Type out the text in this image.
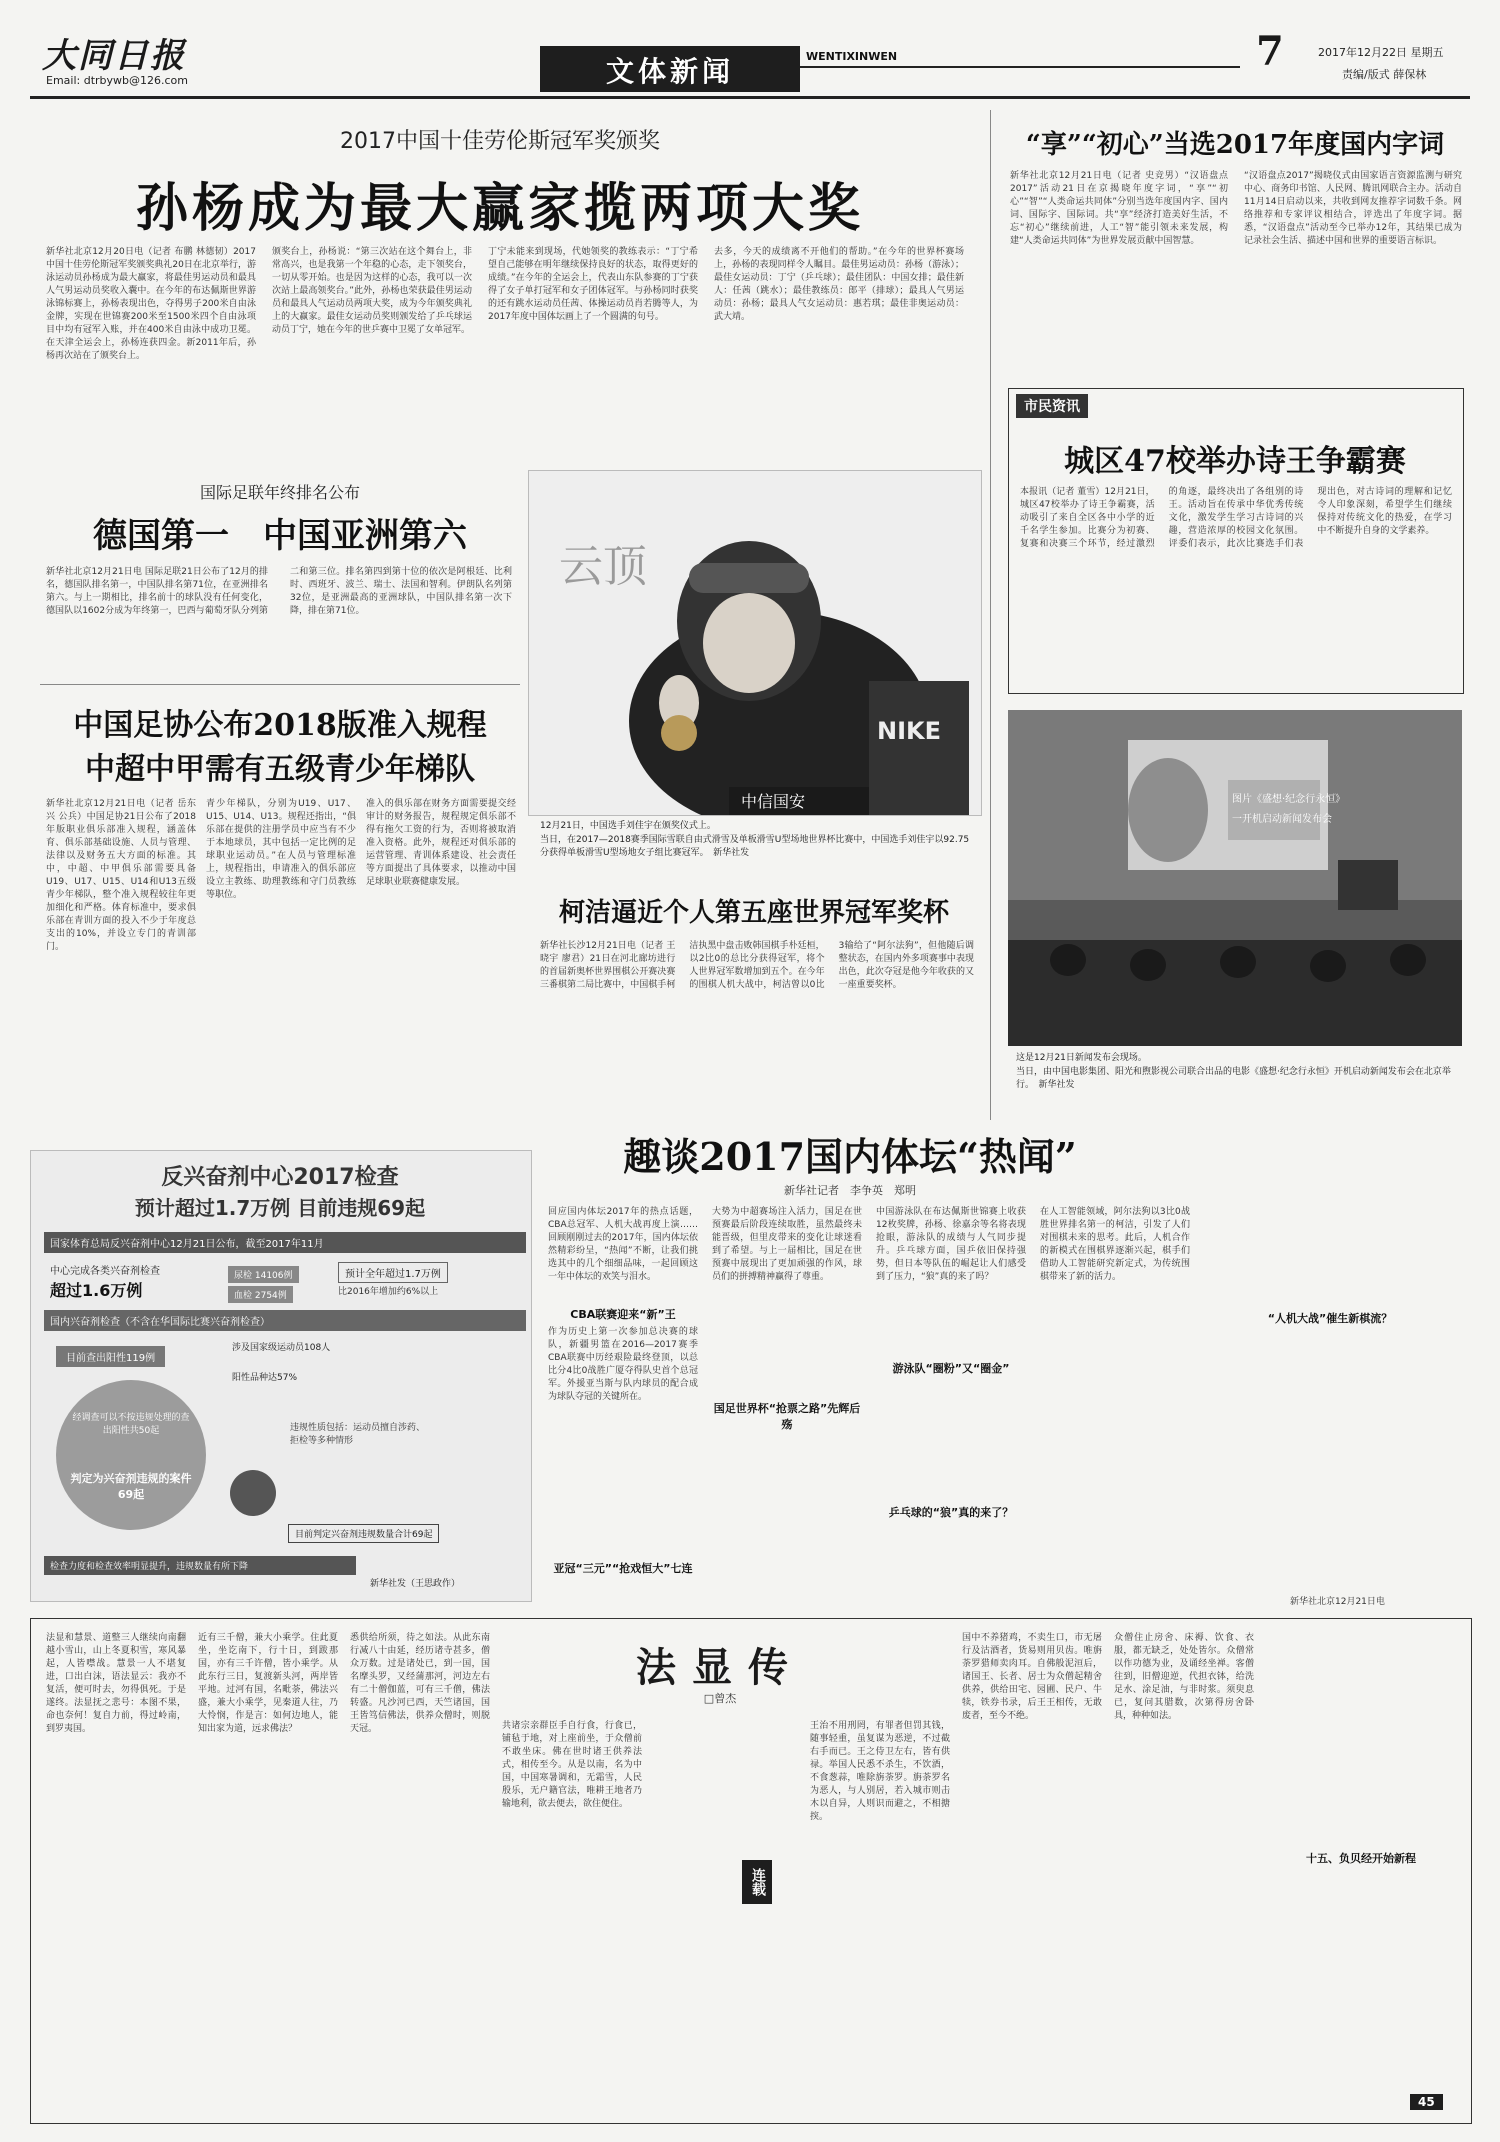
大同日报
Email: dtrbywb@126.com	文体新闻	WENTIXINWEN	7	2017年12月22日 星期五
责编/版式 薛保林
2017中国十佳劳伦斯冠军奖颁奖
孙杨成为最大赢家揽两项大奖
新华社北京12月20日电（记者 布鹏 林德韧）2017中国十佳劳伦斯冠军奖颁奖典礼20日在北京举行，游泳运动员孙杨成为最大赢家，将最佳男运动员和最具人气男运动员奖收入囊中。在今年的布达佩斯世界游泳锦标赛上，孙杨表现出色，夺得男子200米自由泳金牌，实现在世锦赛200米至1500米四个自由泳项目中均有冠军入账，并在400米自由泳中成功卫冕。在天津全运会上，孙杨连获四金。新2011年后，孙杨再次站在了颁奖台上。
颁奖台上，孙杨说：“第三次站在这个舞台上，非常高兴，也是我第一个年稳的心态，走下领奖台，一切从零开始。也是因为这样的心态，我可以一次次站上最高领奖台。”此外，孙杨也荣获最佳男运动员和最具人气运动员两项大奖，成为今年颁奖典礼上的大赢家。最佳女运动员奖则颁发给了乒乓球运动员丁宁，她在今年的世乒赛中卫冕了女单冠军。
丁宁未能来到现场，代她领奖的教练表示：“丁宁希望自己能够在明年继续保持良好的状态，取得更好的成绩。”在今年的全运会上，代表山东队参赛的丁宁获得了女子单打冠军和女子团体冠军。与孙杨同时获奖的还有跳水运动员任茜、体操运动员肖若腾等人，为2017年度中国体坛画上了一个圆满的句号。
去多，今天的成绩离不开他们的帮助。”在今年的世界杯赛场上，孙杨的表现同样令人瞩目。最佳男运动员：孙杨（游泳）；最佳女运动员：丁宁（乒乓球）；最佳团队：中国女排；最佳新人：任茜（跳水）；最佳教练员：郎平（排球）；最具人气男运动员：孙杨；最具人气女运动员：惠若琪；最佳非奥运动员：武大靖。
国际足联年终排名公布
德国第一　中国亚洲第六
新华社北京12月21日电 国际足联21日公布了12月的排名，德国队排名第一，中国队排名第71位，在亚洲排名第六。与上一期相比，排名前十的球队没有任何变化，德国队以1602分成为年终第一，巴西与葡萄牙队分列第二和第三位。排名第四到第十位的依次是阿根廷、比利时、西班牙、波兰、瑞士、法国和智利。伊朗队名列第32位，是亚洲最高的亚洲球队，中国队排名第一次下降，排在第71位。
中国足协公布2018版准入规程
中超中甲需有五级青少年梯队
新华社北京12月21日电（记者 岳东兴 公兵）中国足协21日公布了2018年版职业俱乐部准入规程，涵盖体育、俱乐部基础设施、人员与管理、法律以及财务五大方面的标准。其中，中超、中甲俱乐部需要具备U19、U17、U15、U14和U13五级青少年梯队，整个准入规程较往年更加细化和严格。体育标准中，要求俱乐部在青训方面的投入不少于年度总支出的10%，并设立专门的青训部门。
青少年梯队，分别为U19、U17、U15、U14、U13。规程还指出，“俱乐部在提供的注册学员中应当有不少于本地球员，其中包括一定比例的足球职业运动员。”在人员与管理标准上，规程指出，申请准入的俱乐部应设立主教练、助理教练和守门员教练等职位。
准入的俱乐部在财务方面需要提交经审计的财务报告，规程规定俱乐部不得有拖欠工资的行为，否则将被取消准入资格。此外，规程还对俱乐部的运营管理、青训体系建设、社会责任等方面提出了具体要求，以推动中国足球职业联赛健康发展。
云顶
NIKE
中信国安
12月21日，中国选手刘佳宇在颁奖仪式上。
当日，在2017—2018赛季国际雪联自由式滑雪及单板滑雪U型场地世界杯比赛中，中国选手刘佳宇以92.75分获得单板滑雪U型场地女子组比赛冠军。　新华社发
柯洁逼近个人第五座世界冠军奖杯
新华社长沙12月21日电（记者 王晓宇 廖君）21日在河北廊坊进行的首届新奥杯世界围棋公开赛决赛三番棋第二局比赛中，中国棋手柯洁执黑中盘击败韩国棋手朴廷桓，以2比0的总比分获得冠军，将个人世界冠军数增加到五个。在今年的围棋人机大战中，柯洁曾以0比3输给了“阿尔法狗”，但他随后调整状态，在国内外多项赛事中表现出色，此次夺冠是他今年收获的又一座重要奖杯。
“享”“初心”当选2017年度国内字词
新华社北京12月21日电（记者 史竞男）“汉语盘点2017”活动21日在京揭晓年度字词，“享”“初心”“智”“人类命运共同体”分别当选年度国内字、国内词、国际字、国际词。共“享”经济打造美好生活，不忘“初心”继续前进，人工“智”能引领未来发展，构建“人类命运共同体”为世界发展贡献中国智慧。
“汉语盘点2017”揭晓仪式由国家语言资源监测与研究中心、商务印书馆、人民网、腾讯网联合主办。活动自11月14日启动以来，共收到网友推荐字词数千条。网络推荐和专家评议相结合，评选出了年度字词。据悉，“汉语盘点”活动至今已举办12年，其结果已成为记录社会生活、描述中国和世界的重要语言标识。
市民资讯
城区47校举办诗王争霸赛
本报讯（记者 董雪）12月21日，城区47校举办了诗王争霸赛，活动吸引了来自全区各中小学的近千名学生参加。比赛分为初赛、复赛和决赛三个环节，经过激烈的角逐，最终决出了各组别的诗王。活动旨在传承中华优秀传统文化，激发学生学习古诗词的兴趣，营造浓厚的校园文化氛围。评委们表示，此次比赛选手们表现出色，对古诗词的理解和记忆令人印象深刻，希望学生们继续保持对传统文化的热爱，在学习中不断提升自身的文学素养。
图片《盛想·纪念行永恒》
一开机启动新闻发布会
这是12月21日新闻发布会现场。
当日，由中国电影集团、阳光和煦影视公司联合出品的电影《盛想·纪念行永恒》开机启动新闻发布会在北京举行。　新华社发
反兴奋剂中心2017检查
预计超过1.7万例 目前违规69起
国家体育总局反兴奋剂中心12月21日公布，截至2017年11月
中心完成各类兴奋剂检查
超过1.6万例
尿检 14106例
血检 2754例
预计全年超过1.7万例
比2016年增加约6%以上
国内兴奋剂检查（不含在华国际比赛兴奋剂检查）
目前查出阳性119例
涉及国家级运动员108人
阳性品种达57%
经调查可以不按违规处理的查出阳性共50起
判定为兴奋剂违规的案件 69起
违规性质包括：运动员擅自涉药、拒检等多种情形
目前判定兴奋剂违规数量合计69起
检查力度和检查效率明显提升，违规数量有所下降
新华社发（王思政作）
趣谈2017国内体坛“热闻”
新华社记者　李争英　郑明
回应国内体坛2017年的热点话题，CBA总冠军、人机大战再度上演……回顾刚刚过去的2017年，国内体坛依然精彩纷呈，“热闻”不断，让我们挑选其中的几个细细品味，一起回顾这一年中体坛的欢笑与泪水。
CBA联赛迎来“新”王
作为历史上第一次参加总决赛的球队，新疆男篮在2016—2017赛季CBA联赛中历经艰险最终登顶，以总比分4比0战胜广厦夺得队史首个总冠军。外援亚当斯与队内球员的配合成为球队夺冠的关键所在。
亚冠“三元”“抢戏恒大”七连
大势为中超赛场注入活力，国足在世预赛最后阶段连续取胜，虽然最终未能晋级，但里皮带来的变化让球迷看到了希望。与上一届相比，国足在世预赛中展现出了更加顽强的作风，球员们的拼搏精神赢得了尊重。
国足世界杯“抢票之路”先辉后殇
中国游泳队在布达佩斯世锦赛上收获12枚奖牌，孙杨、徐嘉余等名将表现抢眼，游泳队的成绩与人气同步提升。乒乓球方面，国乒依旧保持强势，但日本等队伍的崛起让人们感受到了压力，“狼”真的来了吗？
游泳队“圈粉”又“圈金”
乒乓球的“狼”真的来了？
在人工智能领域，阿尔法狗以3比0战胜世界排名第一的柯洁，引发了人们对围棋未来的思考。此后，人机合作的新模式在围棋界逐渐兴起，棋手们借助人工智能研究新定式，为传统围棋带来了新的活力。
“人机大战”催生新棋流？
新华社北京12月21日电
法显传
□曾杰
连载
法显和慧景、道整三人继续向南翻越小雪山，山上冬夏积雪，寒风暴起，人皆噤战。慧景一人不堪复进，口出白沫，语法显云：我亦不复活，便可时去，勿得俱死。于是遂终。法显抚之悲号：本图不果，命也奈何！复自力前，得过岭南，到罗夷国。
近有三千僧，兼大小乘学。住此夏坐，坐讫南下，行十日，到跋那国，亦有三千许僧，皆小乘学。从此东行三日，复渡新头河，两岸皆平地。过河有国，名毗荼，佛法兴盛，兼大小乘学，见秦道人往，乃大怜悯，作是言：如何边地人，能知出家为道，远求佛法？
悉供给所须，待之如法。从此东南行减八十由延，经历诸寺甚多，僧众万数。过是诸处已，到一国，国名摩头罗，又经蒲那河，河边左右有二十僧伽蓝，可有三千僧，佛法转盛。凡沙河已西，天竺诸国，国王皆笃信佛法，供养众僧时，则脱天冠。	共诸宗亲群臣手自行食，行食已，铺毡于地，对上座前坐，于众僧前不敢坐床。佛在世时诸王供养法式，相传至今。从是以南，名为中国，中国寒暑调和，无霜雪，人民殷乐，无户籍官法，唯耕王地者乃输地利，欲去便去，欲住便住。
王治不用刑罔，有罪者但罚其钱，随事轻重，虽复谋为恶逆，不过截右手而已。王之侍卫左右，皆有供禄。举国人民悉不杀生，不饮酒，不食葱蒜，唯除旃荼罗。旃荼罗名为恶人，与人别居，若入城市则击木以自异，人则识而避之，不相搪揬。
国中不养猪鸡，不卖生口，市无屠行及沽酒者，货易则用贝齿。唯旃荼罗猎师卖肉耳。自佛般泥洹后，诸国王、长者、居士为众僧起精舍供养，供给田宅、园圃、民户、牛犊，铁券书录，后王王相传，无敢废者，至今不绝。
众僧住止房舍、床褥、饮食、衣服，都无缺乏，处处皆尔。众僧常以作功德为业，及诵经坐禅。客僧往到，旧僧迎逆，代担衣钵，给洗足水、涂足油，与非时浆。须臾息已，复问其腊数，次第得房舍卧具，种种如法。
十五、负贝经开始新程
45
